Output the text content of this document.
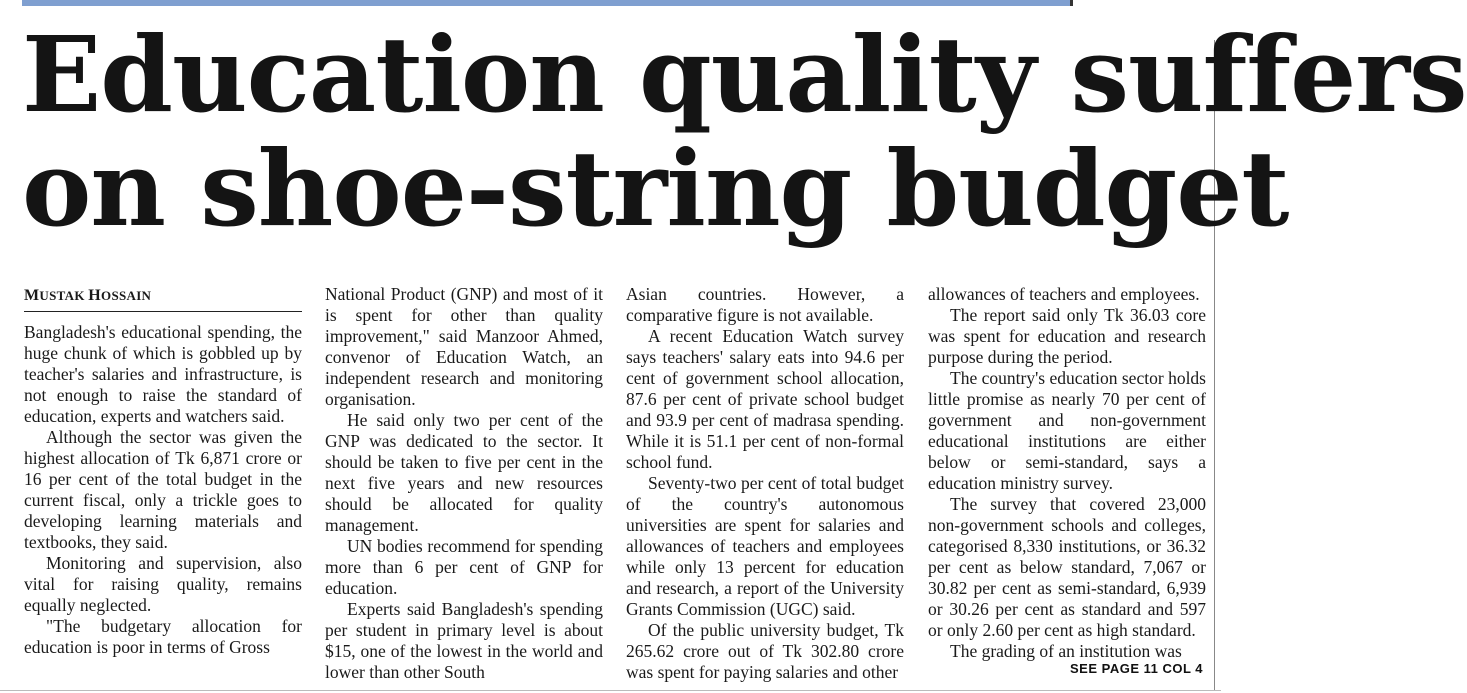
Education quality suffers
on shoe-string budget
MUSTAK HOSSAIN

Bangladesh's educational spending, the huge chunk of which is gobbled up by teacher's salaries and infrastructure, is not enough to raise the standard of education, experts and watchers said.

Although the sector was given the highest allocation of Tk 6,871 crore or 16 per cent of the total budget in the current fiscal, only a trickle goes to developing learning materials and textbooks, they said.

Monitoring and supervision, also vital for raising quality, remains equally neglected.

"The budgetary allocation for education is poor in terms of Gross

National Product (GNP) and most of it is spent for other than quality improvement," said Manzoor Ahmed, convenor of Education Watch, an independent research and monitoring organisation.

He said only two per cent of the GNP was dedicated to the sector. It should be taken to five per cent in the next five years and new resources should be allocated for quality management.

UN bodies recommend for spending more than 6 per cent of GNP for education.

Experts said Bangladesh's spending per student in primary level is about $15, one of the lowest in the world and lower than other South

Asian countries. However, a comparative figure is not available.

A recent Education Watch survey says teachers' salary eats into 94.6 per cent of government school allocation, 87.6 per cent of private school budget and 93.9 per cent of madrasa spending. While it is 51.1 per cent of non-formal school fund.

Seventy-two per cent of total budget of the country's autonomous universities are spent for salaries and allowances of teachers and employees while only 13 percent for education and research, a report of the University Grants Commission (UGC) said.

Of the public university budget, Tk 265.62 crore out of Tk 302.80 crore was spent for paying salaries and other

allowances of teachers and employees.

The report said only Tk 36.03 core was spent for education and research purpose during the period.

The country's education sector holds little promise as nearly 70 per cent of government and non-government educational institutions are either below or semi-standard, says a education ministry survey.

The survey that covered 23,000 non-government schools and colleges, categorised 8,330 institutions, or 36.32 per cent as below standard, 7,067 or 30.82 per cent as semi-standard, 6,939 or 30.26 per cent as standard and 597 or only 2.60 per cent as high standard.

The grading of an institution was

SEE PAGE 11 COL 4
